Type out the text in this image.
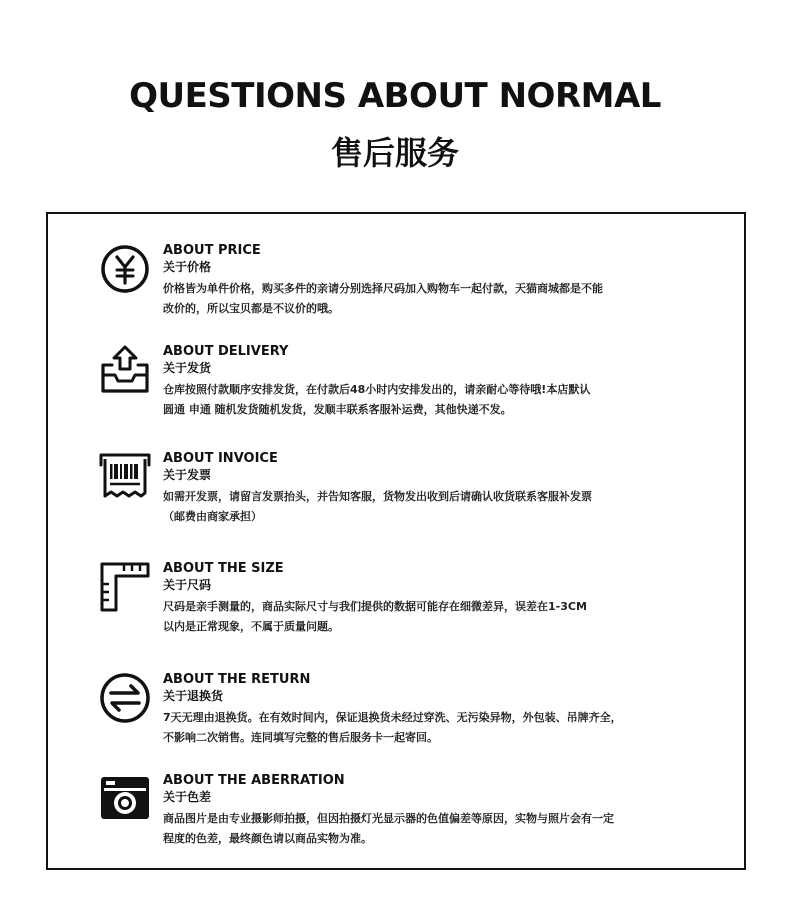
QUESTIONS ABOUT NORMAL
售后服务
ABOUT PRICE
关于价格
价格皆为单件价格，购买多件的亲请分别选择尺码加入购物车一起付款，天猫商城都是不能
改价的，所以宝贝都是不议价的哦。
ABOUT DELIVERY
关于发货
仓库按照付款顺序安排发货，在付款后48小时内安排发出的，请亲耐心等待哦!本店默认
圆通 申通 随机发货随机发货，发顺丰联系客服补运费，其他快递不发。
ABOUT INVOICE
关于发票
如需开发票，请留言发票抬头，并告知客服，货物发出收到后请确认收货联系客服补发票
（邮费由商家承担）
ABOUT THE SIZE
关于尺码
尺码是亲手测量的，商品实际尺寸与我们提供的数据可能存在细微差异，误差在1-3CM
以内是正常现象，不属于质量问题。
ABOUT THE RETURN
关于退换货
7天无理由退换货。在有效时间内，保证退换货未经过穿洗、无污染异物，外包装、吊牌齐全，
不影响二次销售。连同填写完整的售后服务卡一起寄回。
ABOUT THE ABERRATION
关于色差
商品图片是由专业摄影师拍摄，但因拍摄灯光显示器的色值偏差等原因，实物与照片会有一定
程度的色差，最终颜色请以商品实物为准。
